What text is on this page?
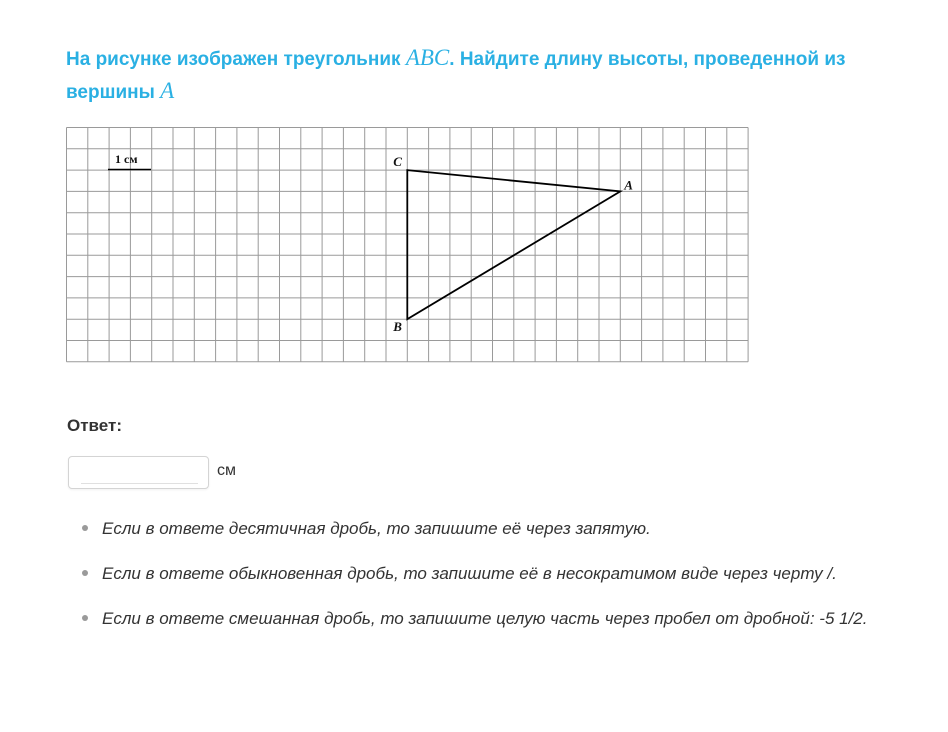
На рисунке изображен треугольник ABC. Найдите длину высоты, проведенной из вершины A
1 см	C
A
B
Ответ:
см
Если в ответе десятичная дробь, то запишите её через запятую.
Если в ответе обыкновенная дробь, то запишите её в несократимом виде через черту /.
Если в ответе смешанная дробь, то запишите целую часть через пробел от дробной: -5 1/2.
